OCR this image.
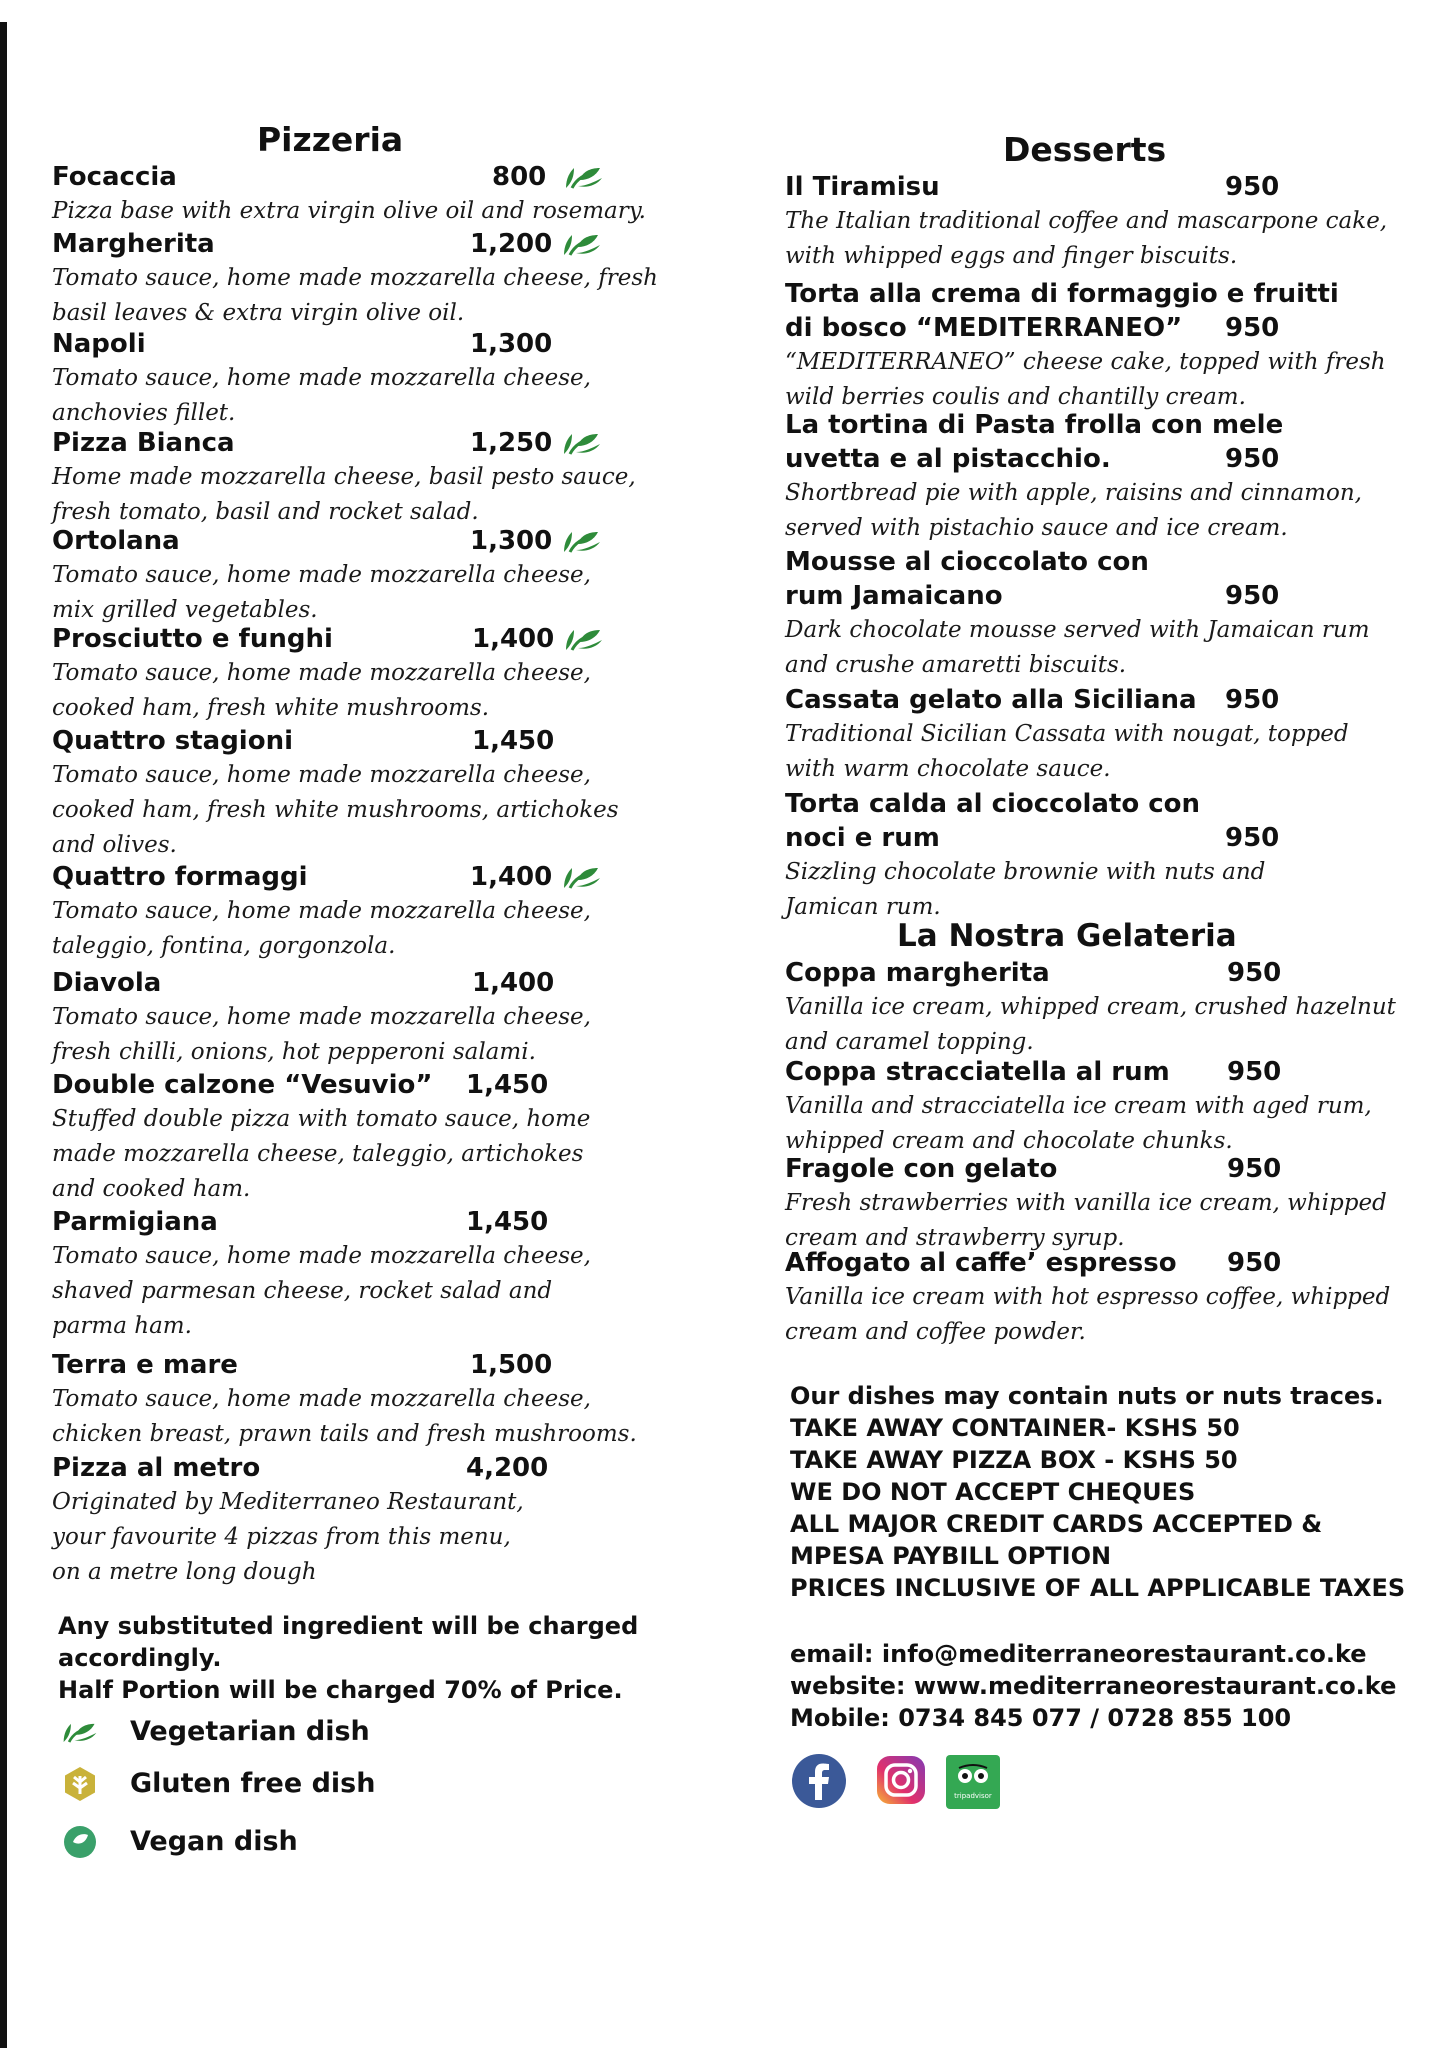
Pizzeria
Focaccia	800
Pizza base with extra virgin olive oil and rosemary.
Margherita	1,200
Tomato sauce, home made mozzarella cheese, fresh
basil leaves & extra virgin olive oil.
Napoli	1,300
Tomato sauce, home made mozzarella cheese,
anchovies fillet.
Pizza Bianca	1,250
Home made mozzarella cheese, basil pesto sauce,
fresh tomato, basil and rocket salad.
Ortolana	1,300
Tomato sauce, home made mozzarella cheese,
mix grilled vegetables.
Prosciutto e funghi	1,400
Tomato sauce, home made mozzarella cheese,
cooked ham, fresh white mushrooms.
Quattro stagioni	1,450
Tomato sauce, home made mozzarella cheese,
cooked ham, fresh white mushrooms, artichokes
and olives.
Quattro formaggi	1,400
Tomato sauce, home made mozzarella cheese,
taleggio, fontina, gorgonzola.
Diavola	1,400
Tomato sauce, home made mozzarella cheese,
fresh chilli, onions, hot pepperoni salami.
Double calzone “Vesuvio”	1,450
Stuffed double pizza with tomato sauce, home
made mozzarella cheese, taleggio, artichokes
and cooked ham.
Parmigiana	1,450
Tomato sauce, home made mozzarella cheese,
shaved parmesan cheese, rocket salad and
parma ham.
Terra e mare	1,500
Tomato sauce, home made mozzarella cheese,
chicken breast, prawn tails and fresh mushrooms.
Pizza al metro	4,200
Originated by Mediterraneo Restaurant,
your favourite 4 pizzas from this menu,
on a metre long dough
Any substituted ingredient will be charged
accordingly.
Half Portion will be charged 70% of Price.
Vegetarian dish
Gluten free dish
Vegan dish
Desserts
Il Tiramisu	950
The Italian traditional coffee and mascarpone cake,
with whipped eggs and finger biscuits.
Torta alla crema di formaggio e fruitti
di bosco “MEDITERRANEO”	950
“MEDITERRANEO” cheese cake, topped with fresh
wild berries coulis and chantilly cream.
La tortina di Pasta frolla con mele
uvetta e al pistacchio.	950
Shortbread pie with apple, raisins and cinnamon,
served with pistachio sauce and ice cream.
Mousse al cioccolato con
rum Jamaicano	950
Dark chocolate mousse served with Jamaican rum
and crushe amaretti biscuits.
Cassata gelato alla Siciliana	950
Traditional Sicilian Cassata with nougat, topped
with warm chocolate sauce.
Torta calda al cioccolato con
noci e rum	950
Sizzling chocolate brownie with nuts and
Jamican rum.
La Nostra Gelateria
Coppa margherita	950
Vanilla ice cream, whipped cream, crushed hazelnut
and caramel topping.
Coppa stracciatella al rum	950
Vanilla and stracciatella ice cream with aged rum,
whipped cream and chocolate chunks.
Fragole con gelato	950
Fresh strawberries with vanilla ice cream, whipped
cream and strawberry syrup.
Affogato al caffe’ espresso	950
Vanilla ice cream with hot espresso coffee, whipped
cream and coffee powder.
Our dishes may contain nuts or nuts traces.
TAKE AWAY CONTAINER- KSHS 50
TAKE AWAY PIZZA BOX - KSHS 50
WE DO NOT ACCEPT CHEQUES
ALL MAJOR CREDIT CARDS ACCEPTED &
MPESA PAYBILL OPTION
PRICES INCLUSIVE OF ALL APPLICABLE TAXES
email: info@mediterraneorestaurant.co.ke
website: www.mediterraneorestaurant.co.ke
Mobile: 0734 845 077 / 0728 855 100
tripadvisor
